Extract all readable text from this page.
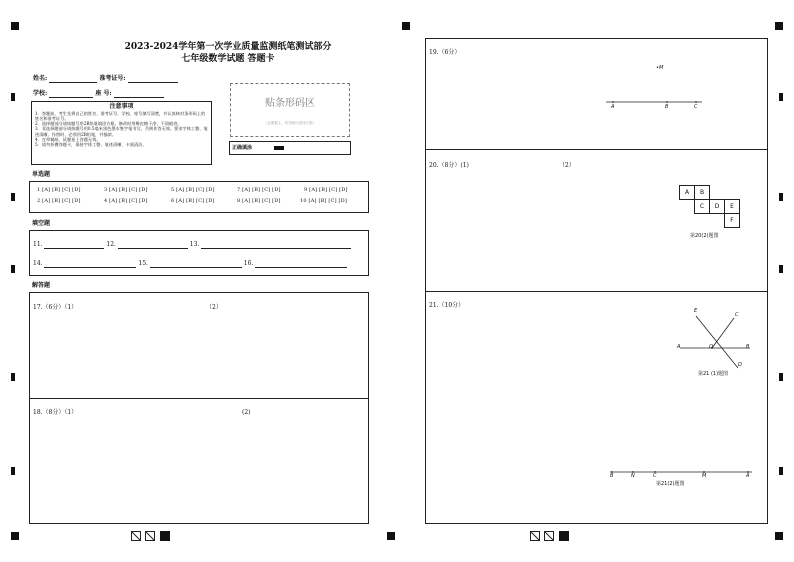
2023-2024学年第一次学业质量监测纸笔测试部分
七年级数学试题 答题卡
姓名:	准考证号:
学校:	座 号:
注意事项
1．答题前，考生先将自己的姓名、准考证号、学校、座号填写清楚，并认真核对条形码上的姓名和准考证号。
2．选择题部分请按题号用2B铅笔填涂方框，修改时用橡皮擦干净，不留痕迹。
3．非选择题部分请按题号用0.5毫米黑色墨水签字笔书写，否则作答无效。要求字体工整、笔迹清晰。作图时，必须用2B铅笔，并描浓。
4．在草稿纸、试题卷上答题无效。
5．请勿折叠答题卡，保持字体工整、笔迹清晰、卡面清洁。
贴条形码区
（正面朝上，切勿贴出虚线方框）
正确填涂
单选题
1 [A] [B] [C] [D]	3 [A] [B] [C] [D]	5 [A] [B] [C] [D]	7 [A] [B] [C] [D]	9 [A] [B] [C] [D]
2 [A] [B] [C] [D]	4 [A] [B] [C] [D]	6 [A] [B] [C] [D]	8 [A] [B] [C] [D]	10 [A] [B] [C] [D]
填空题
11.	12.	13.
14.	15.	16.
解答题
17.（6分）（1）	（2）
18.（8分）（1）	(2)
19.（6分）
•M
A	B	C
20.（8分）(1)	（2）
A	B
C	D	E
F
第20(2)题图
21.（10分）
E
C
A	O	B
D
第21 (1)题图
B	N	C	M	A
第21(2)题图
